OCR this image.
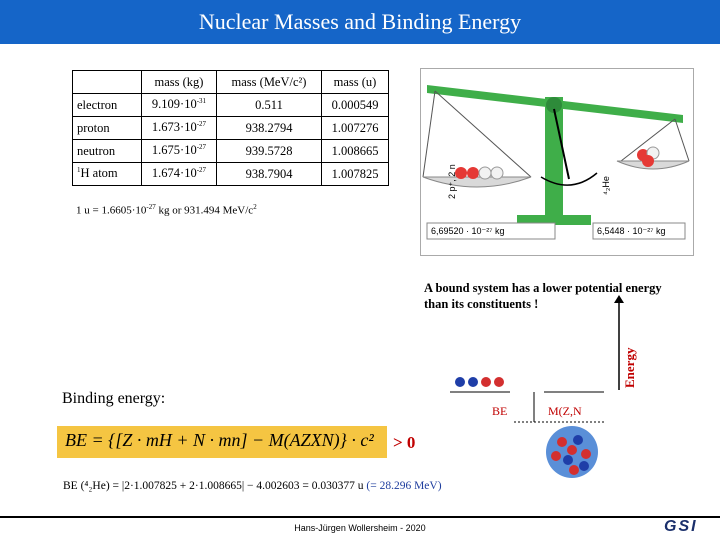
Nuclear Masses and Binding Energy
	mass (kg)	mass (MeV/c²)	mass (u)
electron	$9.109\cdot 10^{-31}$	0.511	0.000549
proton	$1.673\cdot 10^{-27}$	938.2794	1.007276
neutron	$1.675\cdot 10^{-27}$	939.5728	1.008665
$^1$H atom	$1.674\cdot 10^{-27}$	938.7904	1.007825
1 $u = 1.6605\cdot 10^{-27}$ kg or 931.494 MeV/$c^2$
2 p⁺, 2 n	⁴₂He
6,69520 · 10⁻²⁷ kg	6,5448 · 10⁻²⁷ kg
A bound system has a lower potential energy
than its constituents !
Energy
BE	M(Z,N
Binding energy:
BE = {[Z · mH + N · mn] − M(AZXN)} · c² > 0
BE (⁴₂He) = |2·1.007825 + 2·1.008665| − 4.002603 = 0.030377 u (= 28.296 MeV)
Hans-Jürgen Wollersheim - 2020	GSI
